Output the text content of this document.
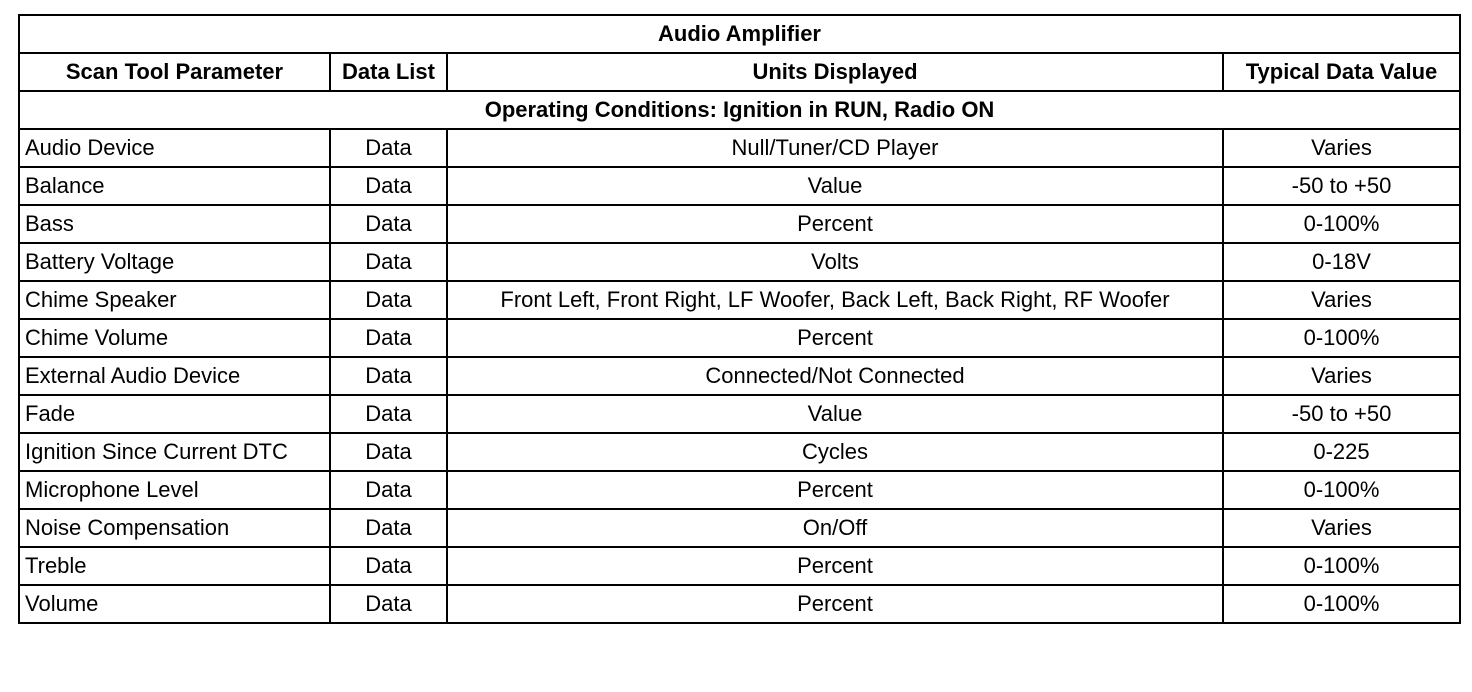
Audio Amplifier			
Scan Tool Parameter	Data List	Units Displayed	Typical Data Value
Operating Conditions: Ignition in RUN, Radio ON			
Audio Device	Data	Null/Tuner/CD Player	Varies
Balance	Data	Value	-50 to +50
Bass	Data	Percent	0-100%
Battery Voltage	Data	Volts	0-18V
Chime Speaker	Data	Front Left, Front Right, LF Woofer, Back Left, Back Right, RF Woofer	Varies
Chime Volume	Data	Percent	0-100%
External Audio Device	Data	Connected/Not Connected	Varies
Fade	Data	Value	-50 to +50
Ignition Since Current DTC	Data	Cycles	0-225
Microphone Level	Data	Percent	0-100%
Noise Compensation	Data	On/Off	Varies
Treble	Data	Percent	0-100%
Volume	Data	Percent	0-100%
